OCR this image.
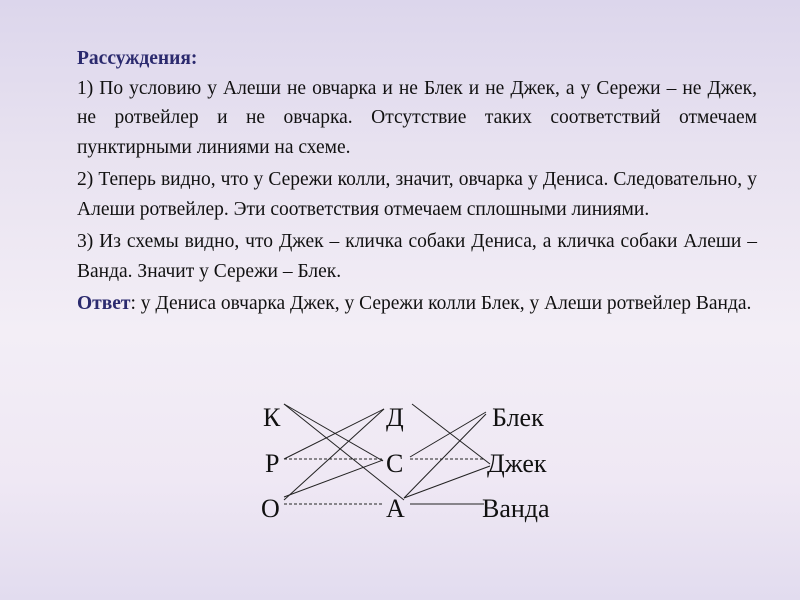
Рассуждения:

1) По условию у Алеши не овчарка и не Блек и не Джек, а у Сережи – не Джек, не ротвейлер и не овчарка. Отсутствие таких соответствий отмечаем пунктирными линиями на схеме.

2) Теперь видно, что у Сережи колли, значит, овчарка у Дениса. Следовательно, у Алеши ротвейлер. Эти соответствия отмечаем сплошными линиями.

3) Из схемы видно, что Джек – кличка собаки Дениса, а кличка собаки Алеши – Ванда. Значит у Сережи – Блек.

Ответ: у Дениса овчарка Джек, у Сережи колли Блек, у Алеши ротвейлер Ванда.

К
Р
О
Д
С
А
Блек
Джек
Ванда
